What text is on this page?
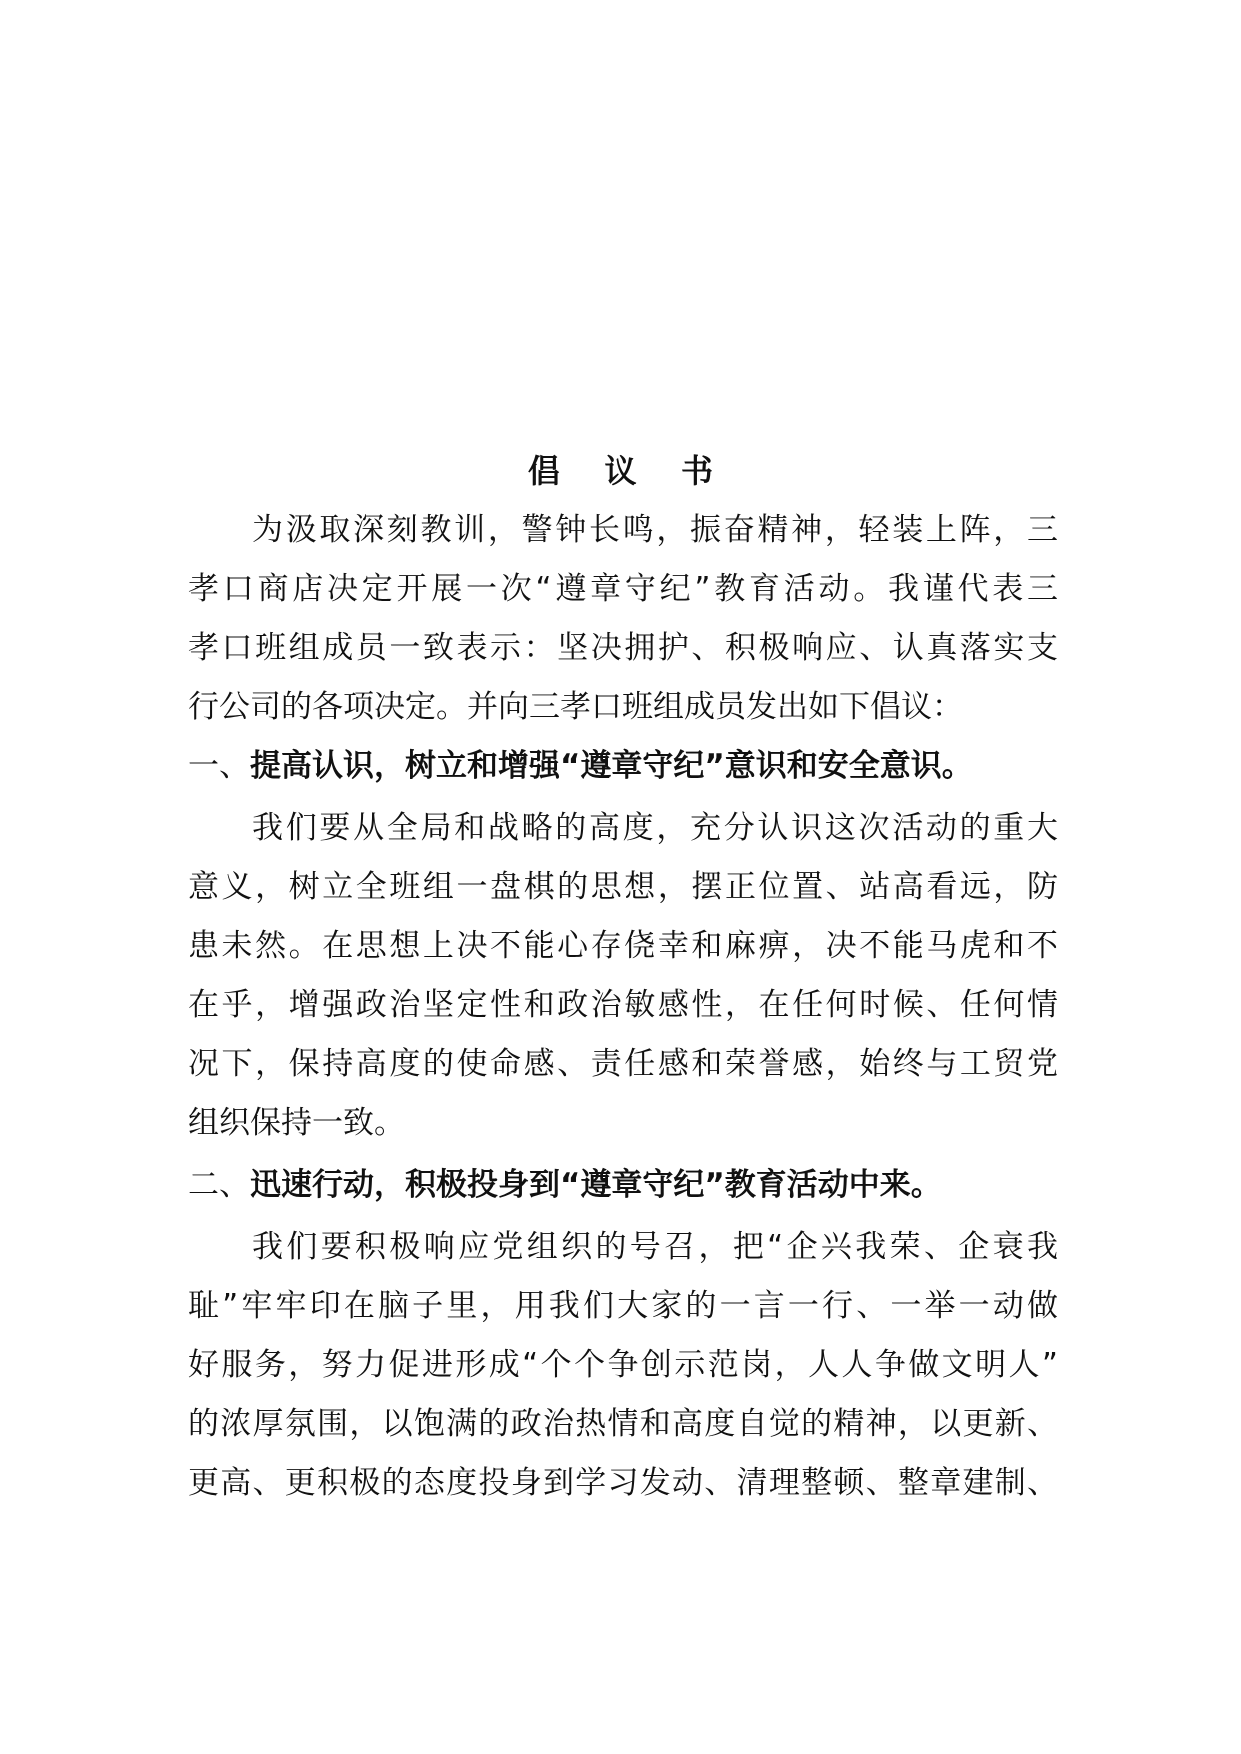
倡    议    书
为汲取深刻教训，警钟长鸣，振奋精神，轻装上阵，三
孝口商店决定开展一次“遵章守纪”教育活动。我谨代表三
孝口班组成员一致表示：坚决拥护、积极响应、认真落实支
行公司的各项决定。并向三孝口班组成员发出如下倡议：
一、提高认识，树立和增强“遵章守纪”意识和安全意识。
我们要从全局和战略的高度，充分认识这次活动的重大
意义，树立全班组一盘棋的思想，摆正位置、站高看远，防
患未然。在思想上决不能心存侥幸和麻痹，决不能马虎和不
在乎，增强政治坚定性和政治敏感性，在任何时候、任何情
况下，保持高度的使命感、责任感和荣誉感，始终与工贸党
组织保持一致。
二、迅速行动，积极投身到“遵章守纪”教育活动中来。
我们要积极响应党组织的号召，把“企兴我荣、企衰我
耻”牢牢印在脑子里，用我们大家的一言一行、一举一动做
好服务，努力促进形成“个个争创示范岗，人人争做文明人”
的浓厚氛围，以饱满的政治热情和高度自觉的精神，以更新、
更高、更积极的态度投身到学习发动、清理整顿、整章建制、
